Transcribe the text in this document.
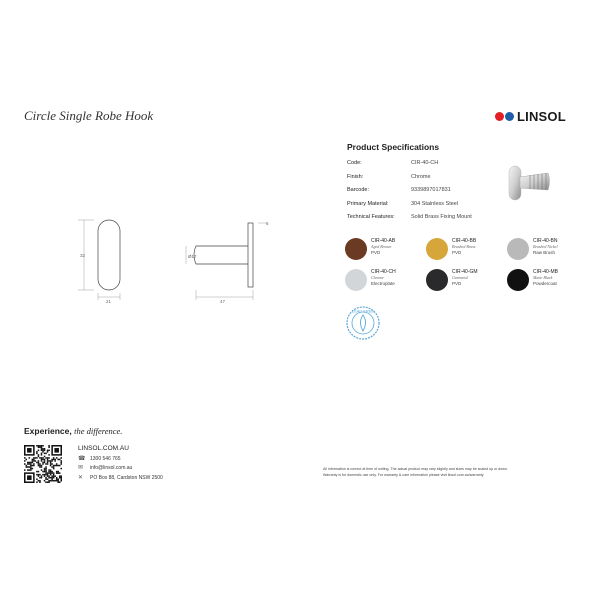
Circle Single Robe Hook	LINSOL
Product Specifications
Code:	CIR-40-CH
Finish:	Chrome
Barcode:	9339897017831
Primary Material:	304 Stainless Steel
Technical Features:	Solid Brass Fixing Mount
CIR-40-AB
Aged Bronze
PVD
CIR-40-BB
Brushed Brass
PVD
CIR-40-BN
Brushed Nickel
Raw Brush
CIR-40-CH
Chrome
Electroplate
CIR-40-GM
Gunmetal
PVD
CIR-40-MB
Matte Black
Powdercoat
LEAD FREE
32
21	47
Ø17
6
Experience, the difference.
LINSOL.COM.AU
☎ 1300 546 765
✉	info@linsol.com.au
✕	PO Box 88, Cardston NSW 2500
All information is correct at time of writing. The actual product may vary slightly and sizes may be scaled up or down.
Warranty is for domestic use only. For warranty & care information please visit linsol.com.au/warranty
